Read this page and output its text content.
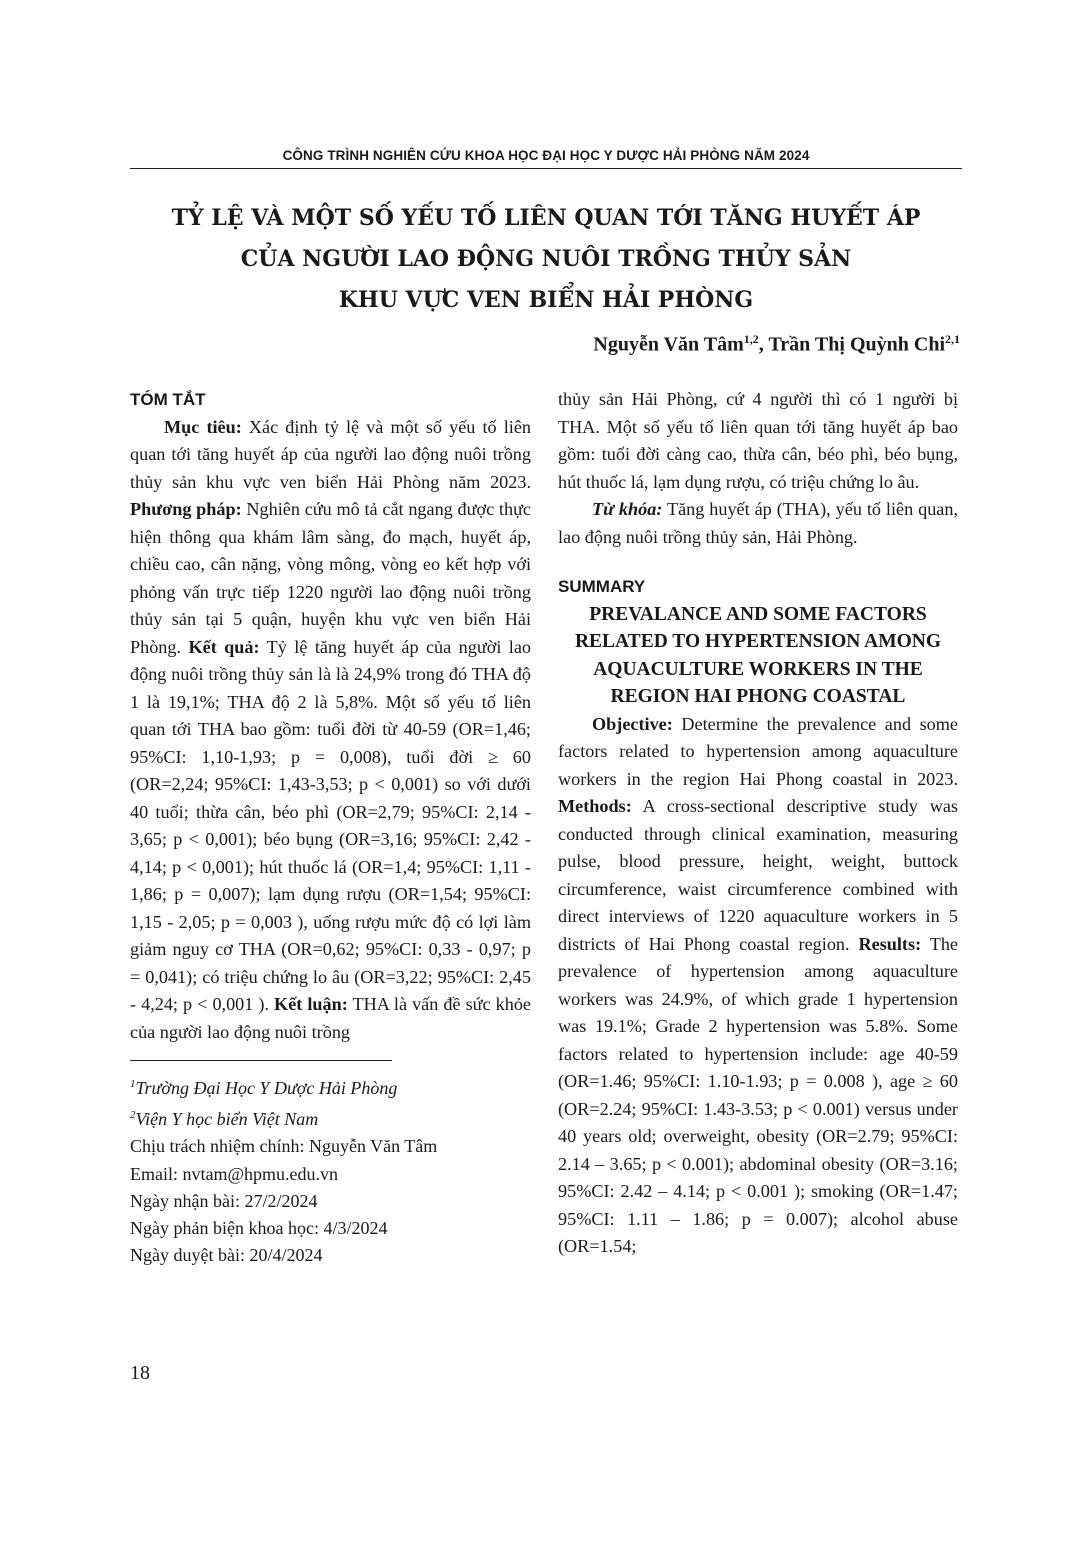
CÔNG TRÌNH NGHIÊN CỨU KHOA HỌC ĐẠI HỌC Y DƯỢC HẢI PHÒNG NĂM 2024
TỶ LỆ VÀ MỘT SỐ YẾU TỐ LIÊN QUAN TỚI TĂNG HUYẾT ÁP
CỦA NGƯỜI LAO ĐỘNG NUÔI TRỒNG THỦY SẢN
KHU VỰC VEN BIỂN HẢI PHÒNG
Nguyễn Văn Tâm$^{1,2}$, Trần Thị Quỳnh Chi$^{2,1}$
TÓM TẮT

Mục tiêu: Xác định tỷ lệ và một số yếu tố liên quan tới tăng huyết áp của người lao động nuôi trồng thủy sản khu vực ven biển Hải Phòng năm 2023. Phương pháp: Nghiên cứu mô tả cắt ngang được thực hiện thông qua khám lâm sàng, đo mạch, huyết áp, chiều cao, cân nặng, vòng mông, vòng eo kết hợp với phỏng vấn trực tiếp 1220 người lao động nuôi trồng thủy sản tại 5 quận, huyện khu vực ven biển Hải Phòng. Kết quả: Tỷ lệ tăng huyết áp của người lao động nuôi trồng thủy sản là là 24,9% trong đó THA độ 1 là 19,1%; THA độ 2 là 5,8%. Một số yếu tố liên quan tới THA bao gồm: tuổi đời từ 40-59 (OR=1,46; 95%CI: 1,10-1,93; p = 0,008), tuổi đời ≥ 60 (OR=2,24; 95%CI: 1,43-3,53; p < 0,001) so với dưới 40 tuổi; thừa cân, béo phì (OR=2,79; 95%CI: 2,14 - 3,65; p < 0,001); béo bụng (OR=3,16; 95%CI: 2,42 - 4,14; p < 0,001); hút thuốc lá (OR=1,4; 95%CI: 1,11 - 1,86; p = 0,007); lạm dụng rượu (OR=1,54; 95%CI: 1,15 - 2,05; p = 0,003 ), uống rượu mức độ có lợi làm giảm nguy cơ THA (OR=0,62; 95%CI: 0,33 - 0,97; p = 0,041); có triệu chứng lo âu (OR=3,22; 95%CI: 2,45 - 4,24; p < 0,001 ). Kết luận: THA là vấn đề sức khỏe của người lao động nuôi trồng

$^1$Trường Đại Học Y Dược Hải Phòng
$^2$Viện Y học biển Việt Nam
Chịu trách nhiệm chính: Nguyễn Văn Tâm
Email: nvtam@hpmu.edu.vn
Ngày nhận bài: 27/2/2024
Ngày phản biện khoa học: 4/3/2024
Ngày duyệt bài: 20/4/2024

thủy sản Hải Phòng, cứ 4 người thì có 1 người bị THA. Một số yếu tố liên quan tới tăng huyết áp bao gồm: tuổi đời càng cao, thừa cân, béo phì, béo bụng, hút thuốc lá, lạm dụng rượu, có triệu chứng lo âu.

Từ khóa: Tăng huyết áp (THA), yếu tố liên quan, lao động nuôi trồng thủy sản, Hải Phòng.

SUMMARY
PREVALANCE AND SOME FACTORS
RELATED TO HYPERTENSION AMONG
AQUACULTURE WORKERS IN THE
REGION HAI PHONG COASTAL

Objective: Determine the prevalence and some factors related to hypertension among aquaculture workers in the region Hai Phong coastal in 2023. Methods: A cross-sectional descriptive study was conducted through clinical examination, measuring pulse, blood pressure, height, weight, buttock circumference, waist circumference combined with direct interviews of 1220 aquaculture workers in 5 districts of Hai Phong coastal region. Results: The prevalence of hypertension among aquaculture workers was 24.9%, of which grade 1 hypertension was 19.1%; Grade 2 hypertension was 5.8%. Some factors related to hypertension include: age 40-59 (OR=1.46; 95%CI: 1.10-1.93; p = 0.008 ), age ≥ 60 (OR=2.24; 95%CI: 1.43-3.53; p < 0.001) versus under 40 years old; overweight, obesity (OR=2.79; 95%CI: 2.14 – 3.65; p < 0.001); abdominal obesity (OR=3.16; 95%CI: 2.42 – 4.14; p < 0.001 ); smoking (OR=1.47; 95%CI: 1.11 – 1.86; p = 0.007); alcohol abuse (OR=1.54;

18
